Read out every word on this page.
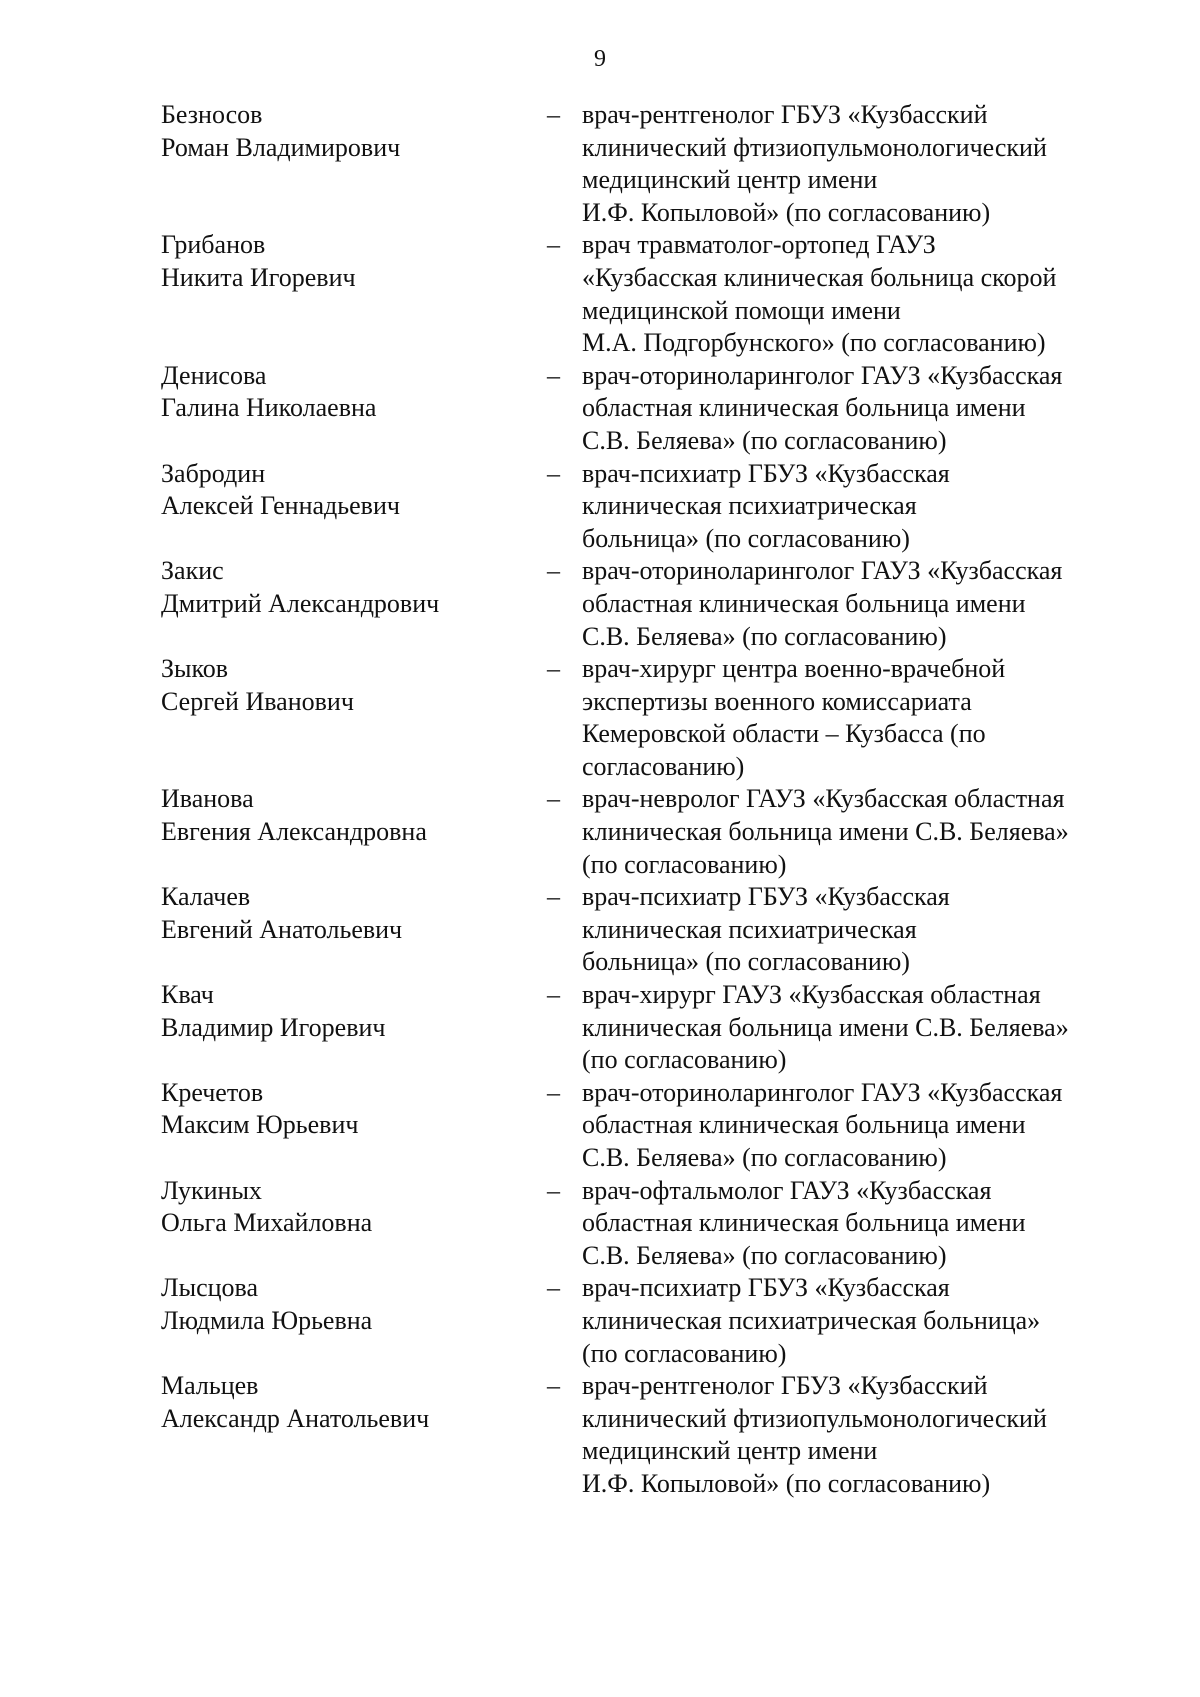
9
Безносов
Роман Владимирович
– врач-рентгенолог ГБУЗ «Кузбасский
клинический фтизиопульмонологический
медицинский центр имени
И.Ф. Копыловой» (по согласованию)
Грибанов
Никита Игоревич
– врач травматолог-ортопед ГАУЗ
«Кузбасская клиническая больница скорой
медицинской помощи имени
М.А. Подгорбунского» (по согласованию)
Денисова
Галина Николаевна
– врач-оториноларинголог ГАУЗ «Кузбасская
областная клиническая больница имени
С.В. Беляева» (по согласованию)
Забродин
Алексей Геннадьевич
– врач-психиатр ГБУЗ «Кузбасская
клиническая психиатрическая
больница» (по согласованию)
Закис
Дмитрий Александрович
– врач-оториноларинголог ГАУЗ «Кузбасская
областная клиническая больница имени
С.В. Беляева» (по согласованию)
Зыков
Сергей Иванович
– врач-хирург центра военно-врачебной
экспертизы военного комиссариата
Кемеровской области – Кузбасса (по
согласованию)
Иванова
Евгения Александровна
– врач-невролог ГАУЗ «Кузбасская областная
клиническая больница имени С.В. Беляева»
(по согласованию)
Калачев
Евгений Анатольевич
– врач-психиатр ГБУЗ «Кузбасская
клиническая психиатрическая
больница» (по согласованию)
Квач
Владимир Игоревич
– врач-хирург ГАУЗ «Кузбасская областная
клиническая больница имени С.В. Беляева»
(по согласованию)
Кречетов
Максим Юрьевич
– врач-оториноларинголог ГАУЗ «Кузбасская
областная клиническая больница имени
С.В. Беляева» (по согласованию)
Лукиных
Ольга Михайловна
– врач-офтальмолог ГАУЗ «Кузбасская
областная клиническая больница имени
С.В. Беляева» (по согласованию)
Лысцова
Людмила Юрьевна
– врач-психиатр ГБУЗ «Кузбасская
клиническая психиатрическая больница»
(по согласованию)
Мальцев
Александр Анатольевич
– врач-рентгенолог ГБУЗ «Кузбасский
клинический фтизиопульмонологический
медицинский центр имени
И.Ф. Копыловой» (по согласованию)
